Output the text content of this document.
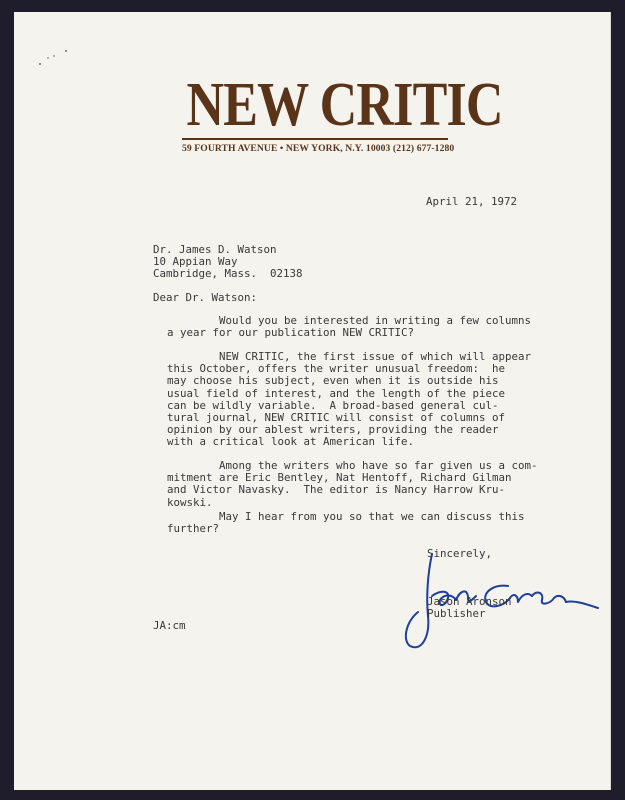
NEW CRITIC
59 FOURTH AVENUE • NEW YORK, N.Y. 10003 (212) 677-1280
April 21, 1972
Dr. James D. Watson
10 Appian Way
Cambridge, Mass.  02138
Dear Dr. Watson:
Would you be interested in writing a few columns
a year for our publication NEW CRITIC?
NEW CRITIC, the first issue of which will appear
this October, offers the writer unusual freedom:  he
may choose his subject, even when it is outside his
usual field of interest, and the length of the piece
can be wildly variable.  A broad-based general cul-
tural journal, NEW CRITIC will consist of columns of
opinion by our ablest writers, providing the reader
with a critical look at American life.
Among the writers who have so far given us a com-
mitment are Eric Bentley, Nat Hentoff, Richard Gilman
and Victor Navasky.  The editor is Nancy Harrow Kru-
kowski.
May I hear from you so that we can discuss this
further?
Sincerely,
Jason Aronson
Publisher
JA:cm
